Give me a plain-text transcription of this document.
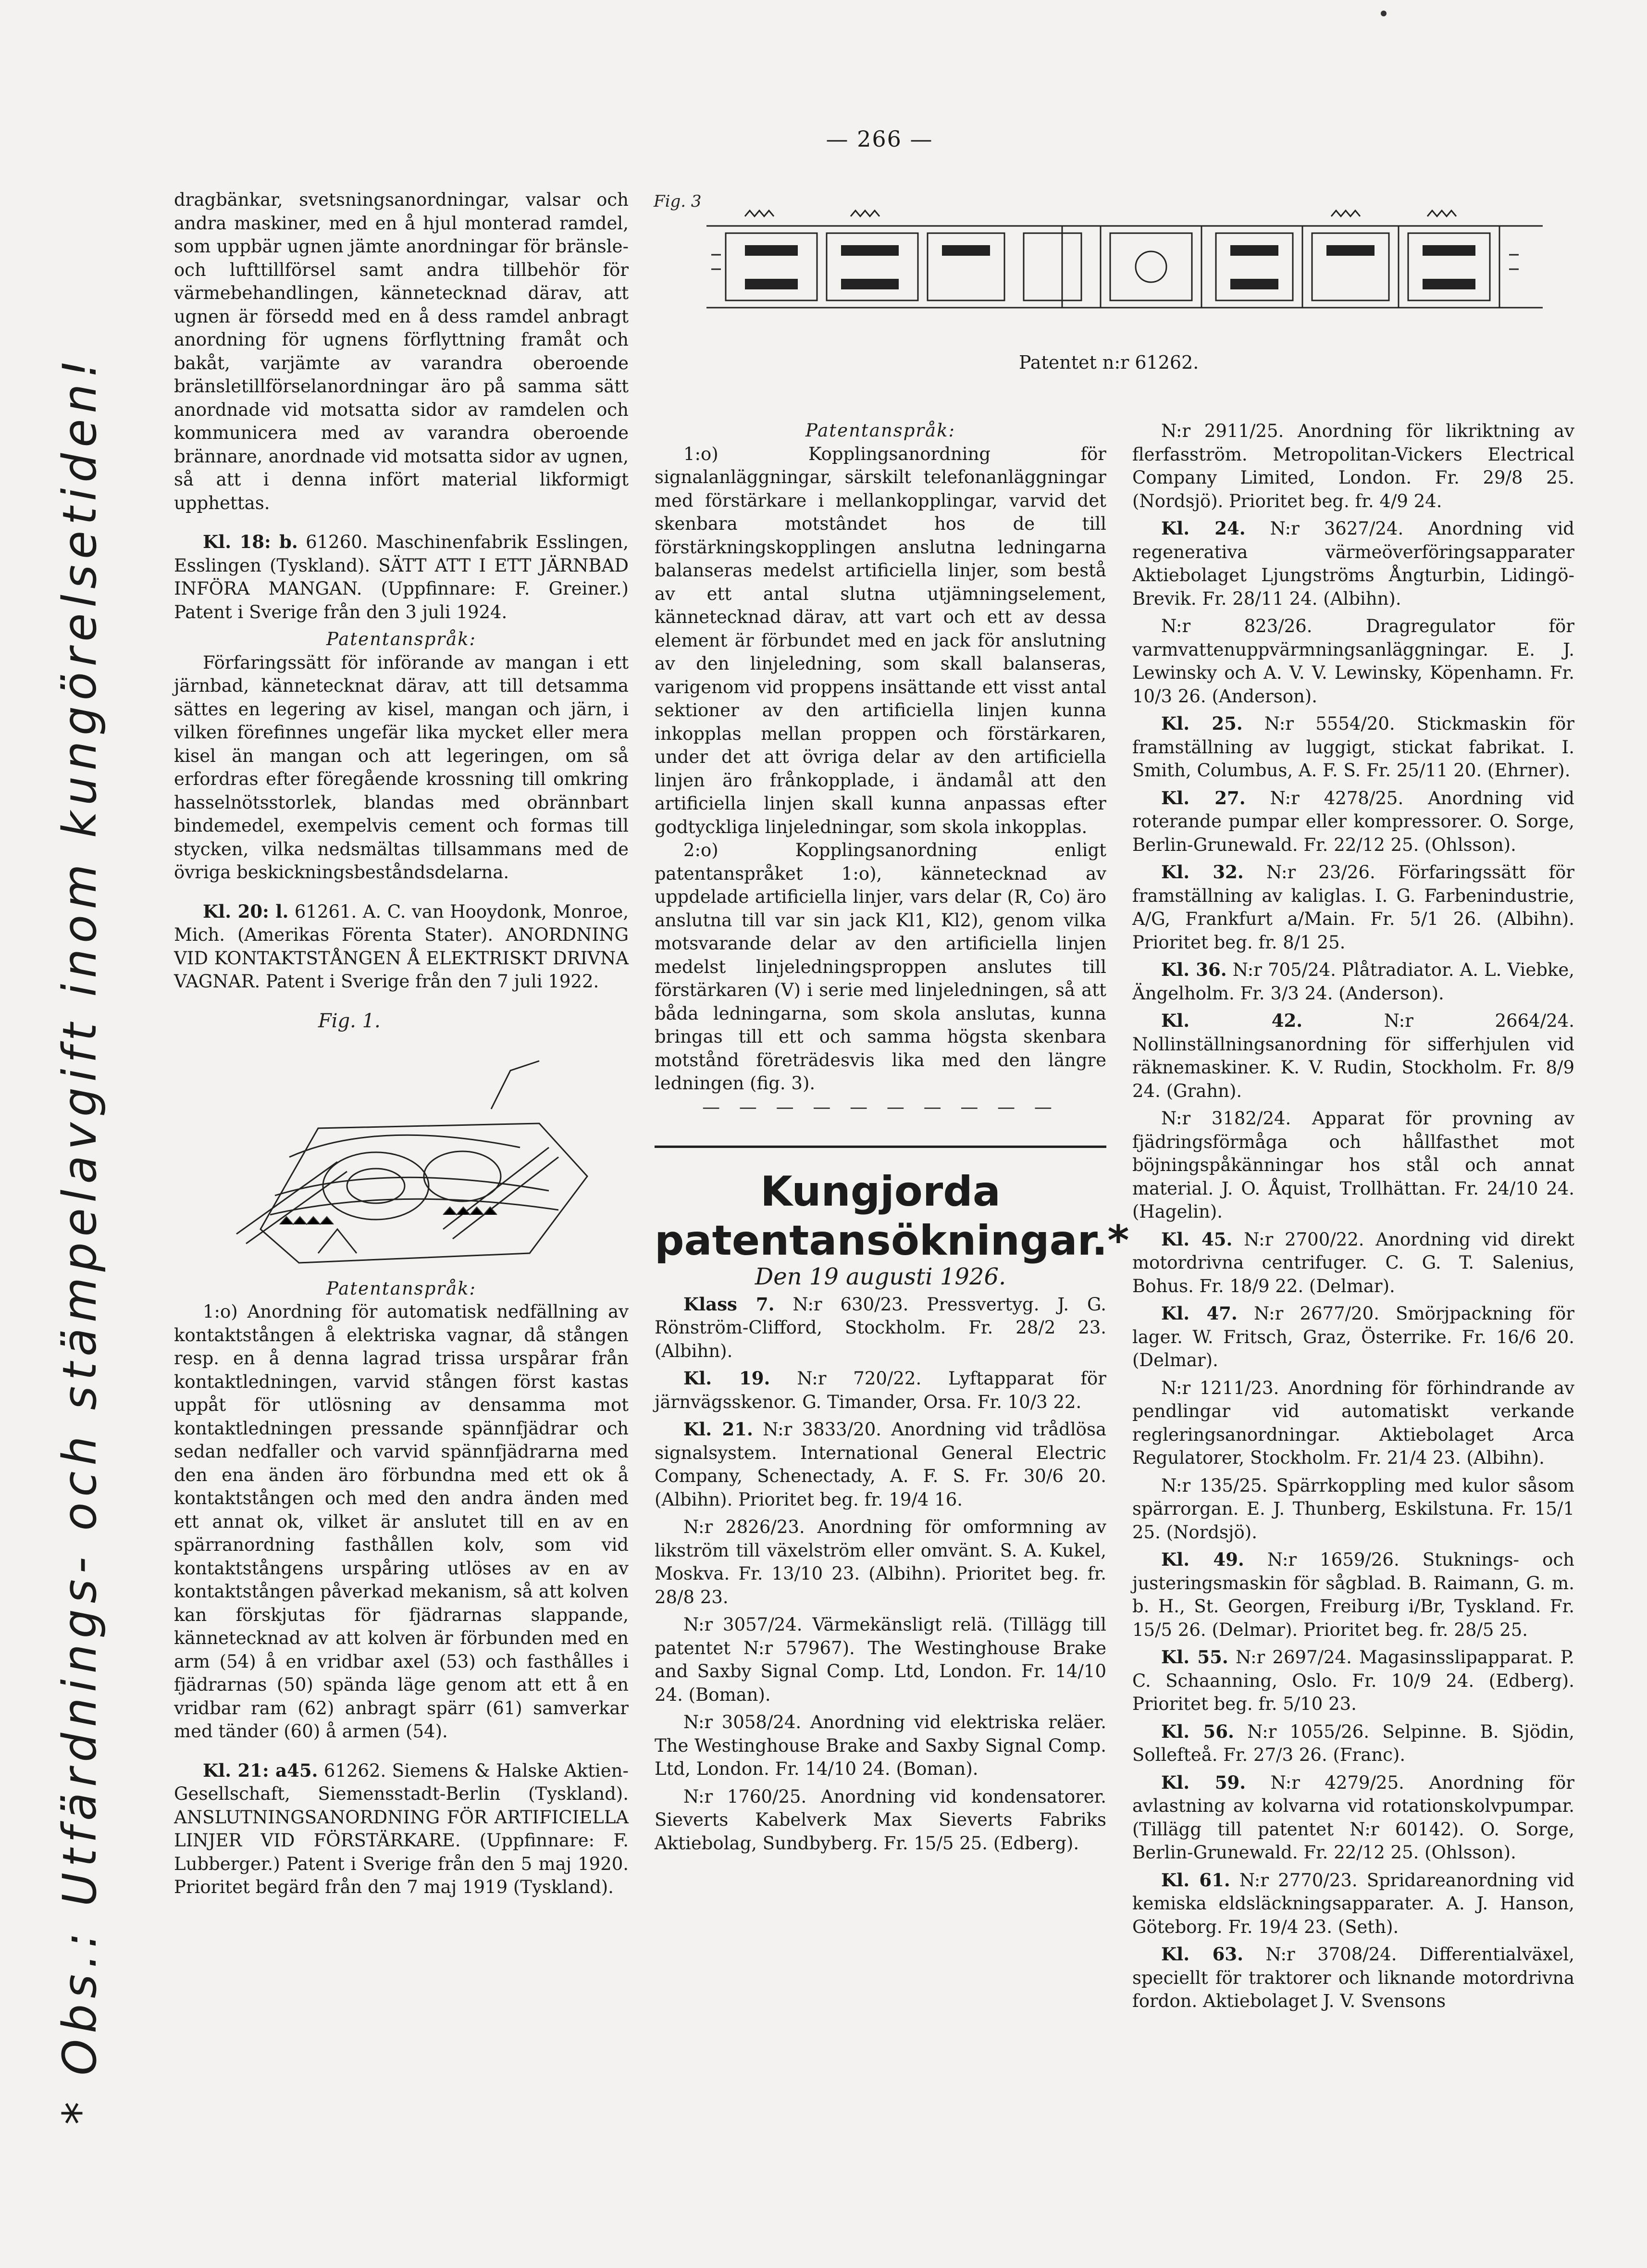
— 266 —
* Obs.: Utfärdnings- och stämpelavgift inom kungörelsetiden!

dragbänkar, svetsningsanordningar, valsar och andra maskiner, med en å hjul monterad ramdel, som uppbär ugnen jämte anordningar för bränsle- och lufttillförsel samt andra tillbehör för värmebehandlingen, kännetecknad därav, att ugnen är försedd med en å dess ramdel anbragt anordning för ugnens förflyttning framåt och bakåt, varjämte av varandra oberoende bränsletillförselanordningar äro på samma sätt anordnade vid motsatta sidor av ramdelen och kommunicera med av varandra oberoende brännare, anordnade vid motsatta sidor av ugnen, så att i denna infört material likformigt upphettas.

Kl. 18: b. 61260. Maschinenfabrik Esslingen, Esslingen (Tyskland). SÄTT ATT I ETT JÄRNBAD INFÖRA MANGAN. (Uppfinnare: F. Greiner.) Patent i Sverige från den 3 juli 1924.

Patentanspråk:

Förfaringssätt för införande av mangan i ett järnbad, kännetecknat därav, att till detsamma sättes en legering av kisel, mangan och järn, i vilken förefinnes ungefär lika mycket eller mera kisel än mangan och att legeringen, om så erfordras efter föregående krossning till omkring hasselnötsstorlek, blandas med obrännbart bindemedel, exempelvis cement och formas till stycken, vilka nedsmältas tillsammans med de övriga beskickningsbeståndsdelarna.

Kl. 20: l. 61261. A. C. van Hooydonk, Monroe, Mich. (Amerikas Förenta Stater). ANORDNING VID KONTAKTSTÅNGEN Å ELEKTRISKT DRIVNA VAGNAR. Patent i Sverige från den 7 juli 1922.

Fig. 1.

Patentanspråk:

1:o) Anordning för automatisk nedfällning av kontaktstången å elektriska vagnar, då stången resp. en å denna lagrad trissa urspårar från kontaktledningen, varvid stången först kastas uppåt för utlösning av densamma mot kontaktledningen pressande spännfjädrar och sedan nedfaller och varvid spännfjädrarna med den ena änden äro förbundna med ett ok å kontaktstången och med den andra änden med ett annat ok, vilket är anslutet till en av en spärranordning fasthållen kolv, som vid kontaktstångens urspåring utlöses av en av kontaktstången påverkad mekanism, så att kolven kan förskjutas för fjädrarnas slappande, kännetecknad av att kolven är förbunden med en arm (54) å en vridbar axel (53) och fasthålles i fjädrarnas (50) spända läge genom att ett å en vridbar ram (62) anbragt spärr (61) samverkar med tänder (60) å armen (54).

Kl. 21: a45. 61262. Siemens & Halske Aktien-Gesellschaft, Siemensstadt-Berlin (Tyskland). ANSLUTNINGSANORDNING FÖR ARTIFICIELLA LINJER VID FÖRSTÄRKARE. (Uppfinnare: F. Lubberger.) Patent i Sverige från den 5 maj 1920. Prioritet begärd från den 7 maj 1919 (Tyskland).

Fig. 3
Patentet n:r 61262.

Patentanspråk:

1:o) Kopplingsanordning för signalanläggningar, särskilt telefonanläggningar med förstärkare i mellankopplingar, varvid det skenbara motstândet hos de till förstärkningskopplingen anslutna ledningarna balanseras medelst artificiella linjer, som bestå av ett antal slutna utjämningselement, kännetecknad därav, att vart och ett av dessa element är förbundet med en jack för anslutning av den linjeledning, som skall balanseras, varigenom vid proppens insättande ett visst antal sektioner av den artificiella linjen kunna inkopplas mellan proppen och förstärkaren, under det att övriga delar av den artificiella linjen äro frånkopplade, i ändamål att den artificiella linjen skall kunna anpassas efter godtyckliga linjeledningar, som skola inkopplas.

2:o) Kopplingsanordning enligt patentanspråket 1:o), kännetecknad av uppdelade artificiella linjer, vars delar (R, Co) äro anslutna till var sin jack Kl1, Kl2), genom vilka motsvarande delar av den artificiella linjen medelst linjeledningsproppen anslutes till förstärkaren (V) i serie med linjeledningen, så att båda ledningarna, som skola anslutas, kunna bringas till ett och samma högsta skenbara motstånd företrädesvis lika med den längre ledningen (fig. 3).

— — — — — — — — — —

Kungjorda patentansökningar.*

Den 19 augusti 1926.

Klass 7. N:r 630/23. Pressvertyg. J. G. Rönström-Clifford, Stockholm. Fr. 28/2 23. (Albihn).

Kl. 19. N:r 720/22. Lyftapparat för järnvägsskenor. G. Timander, Orsa. Fr. 10/3 22.

Kl. 21. N:r 3833/20. Anordning vid trådlösa signalsystem. International General Electric Company, Schenectady, A. F. S. Fr. 30/6 20. (Albihn). Prioritet beg. fr. 19/4 16.

N:r 2826/23. Anordning för omformning av likström till växelström eller omvänt. S. A. Kukel, Moskva. Fr. 13/10 23. (Albihn). Prioritet beg. fr. 28/8 23.

N:r 3057/24. Värmekänsligt relä. (Tillägg till patentet N:r 57967). The Westinghouse Brake and Saxby Signal Comp. Ltd, London. Fr. 14/10 24. (Boman).

N:r 3058/24. Anordning vid elektriska reläer. The Westinghouse Brake and Saxby Signal Comp. Ltd, London. Fr. 14/10 24. (Boman).

N:r 1760/25. Anordning vid kondensatorer. Sieverts Kabelverk Max Sieverts Fabriks Aktiebolag, Sundbyberg. Fr. 15/5 25. (Edberg).

N:r 2911/25. Anordning för likriktning av flerfasström. Metropolitan-Vickers Electrical Company Limited, London. Fr. 29/8 25. (Nordsjö). Prioritet beg. fr. 4/9 24.

Kl. 24. N:r 3627/24. Anordning vid regenerativa värmeöverföringsapparater Aktiebolaget Ljungströms Ångturbin, Lidingö-Brevik. Fr. 28/11 24. (Albihn).

N:r 823/26. Dragregulator för varmvattenuppvärmningsanläggningar. E. J. Lewinsky och A. V. V. Lewinsky, Köpenhamn. Fr. 10/3 26. (Anderson).

Kl. 25. N:r 5554/20. Stickmaskin för framställning av luggigt, stickat fabrikat. I. Smith, Columbus, A. F. S. Fr. 25/11 20. (Ehrner).

Kl. 27. N:r 4278/25. Anordning vid roterande pumpar eller kompressorer. O. Sorge, Berlin-Grunewald. Fr. 22/12 25. (Ohlsson).

Kl. 32. N:r 23/26. Förfaringssätt för framställning av kaliglas. I. G. Farbenindustrie, A/G, Frankfurt a/Main. Fr. 5/1 26. (Albihn). Prioritet beg. fr. 8/1 25.

Kl. 36. N:r 705/24. Plåtradiator. A. L. Viebke, Ängelholm. Fr. 3/3 24. (Anderson).

Kl. 42.	N:r 2664/24. Nollinställningsanordning för sifferhjulen vid räknemaskiner. K. V. Rudin, Stockholm. Fr. 8/9 24. (Grahn).

N:r 3182/24. Apparat för provning av fjädringsförmåga och hållfasthet mot böjningspåkänningar hos stål och annat material. J. O. Åquist, Trollhättan. Fr. 24/10 24. (Hagelin).

Kl. 45. N:r 2700/22. Anordning vid direkt motordrivna centrifuger. C. G. T. Salenius, Bohus. Fr. 18/9 22. (Delmar).

Kl. 47. N:r 2677/20. Smörjpackning för lager. W. Fritsch, Graz, Österrike. Fr. 16/6 20. (Delmar).

N:r 1211/23. Anordning för förhindrande av pendlingar vid automatiskt verkande regleringsanordningar. Aktiebolaget Arca Regulatorer, Stockholm. Fr. 21/4 23. (Albihn).

N:r 135/25. Spärrkoppling med kulor såsom spärrorgan. E. J. Thunberg, Eskilstuna. Fr. 15/1 25. (Nordsjö).

Kl. 49. N:r 1659/26. Stuknings- och justeringsmaskin för sågblad. B. Raimann, G. m. b. H., St. Georgen, Freiburg i/Br, Tyskland. Fr. 15/5 26. (Delmar). Prioritet beg. fr. 28/5 25.

Kl. 55. N:r 2697/24. Magasinsslipapparat. P. C. Schaanning, Oslo. Fr. 10/9 24. (Edberg). Prioritet beg. fr. 5/10 23.

Kl. 56. N:r 1055/26. Selpinne. B. Sjödin, Sollefteå. Fr. 27/3 26. (Franc).

Kl. 59. N:r 4279/25. Anordning för avlastning av kolvarna vid rotationskolvpumpar. (Tillägg till patentet N:r 60142). O. Sorge, Berlin-Grunewald. Fr. 22/12 25. (Ohlsson).

Kl. 61. N:r 2770/23. Spridareanordning vid kemiska eldsläckningsapparater. A. J. Hanson, Göteborg. Fr. 19/4 23. (Seth).

Kl. 63. N:r 3708/24. Differentialväxel, speciellt för traktorer och liknande motordrivna fordon. Aktiebolaget J. V. Svensons
